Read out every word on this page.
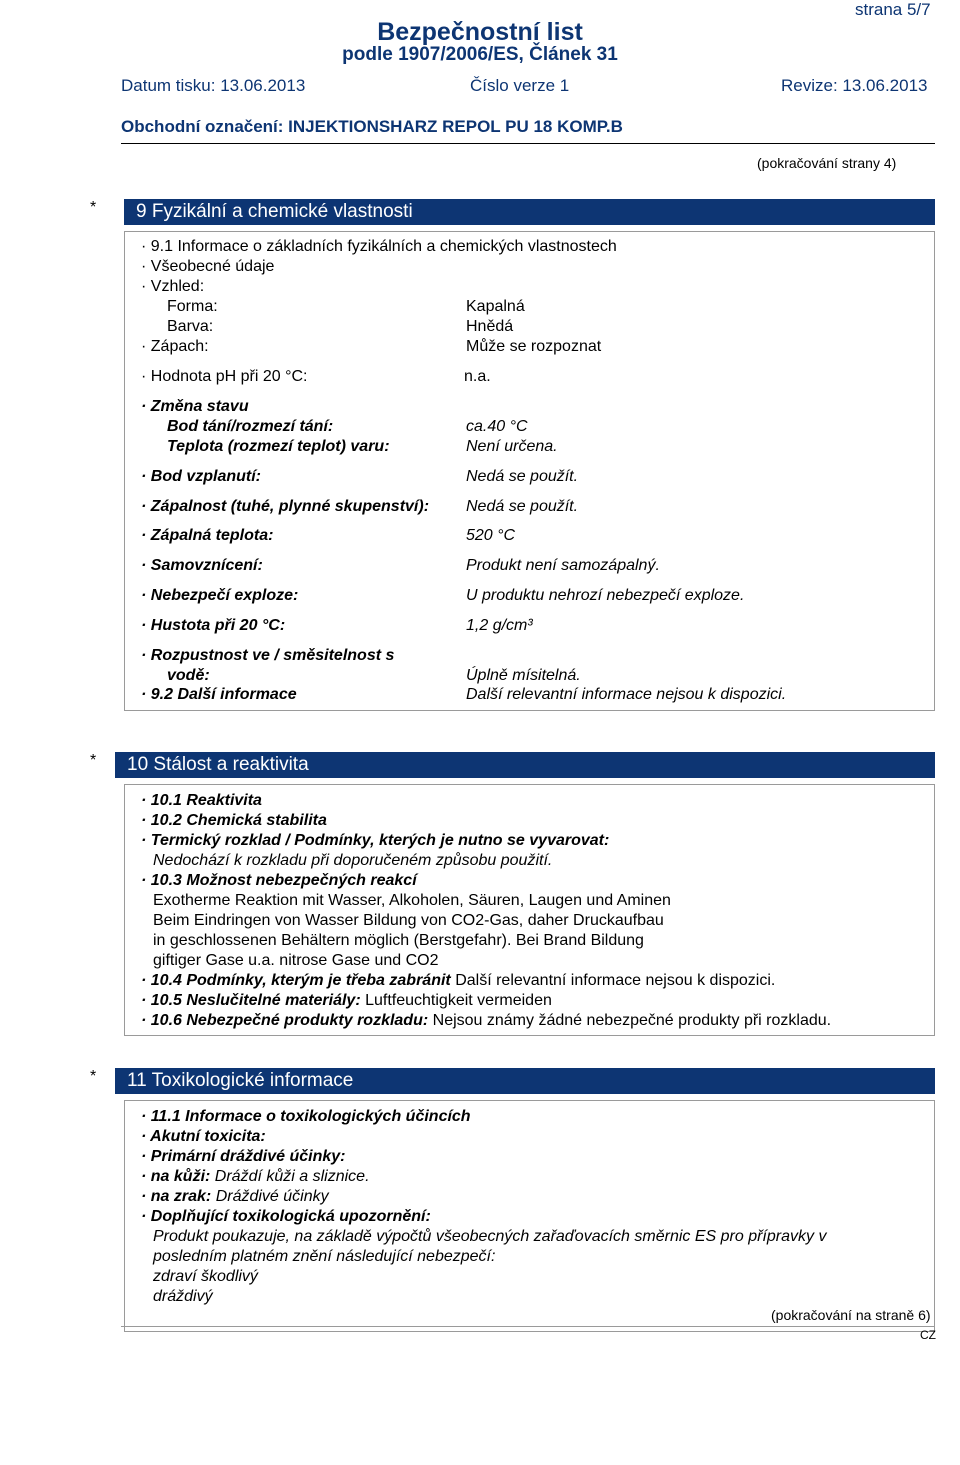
strana 5/7
Bezpečnostní list
podle 1907/2006/ES, Článek 31
Datum tisku: 13.06.2013	Číslo verze 1	Revize: 13.06.2013
Obchodní označení: INJEKTIONSHARZ REPOL PU 18 KOMP.B
(pokračování strany 4)
*	9 Fyzikální a chemické vlastnosti
· 9.1 Informace o základních fyzikálních a chemických vlastnostech
· Všeobecné údaje
· Vzhled:
Forma:	Kapalná
Barva:	Hnědá
· Zápach:	Může se rozpoznat
· Hodnota pH při 20 °C:	n.a.
· Změna stavu
Bod tání/rozmezí tání:	ca.40 °C
Teplota (rozmezí teplot) varu:	Není určena.
· Bod vzplanutí:	Nedá se použít.
· Zápalnost (tuhé, plynné skupenství): Nedá se použít.
· Zápalná teplota:	520 °C
· Samovznícení:	Produkt není samozápalný.
· Nebezpečí exploze:	U produktu nehrozí nebezpečí exploze.
· Hustota při 20 °C:	1,2 g/cm³
· Rozpustnost ve / směsitelnost s
vodě:	Úplně mísitelná.
· 9.2 Další informace	Další relevantní informace nejsou k dispozici.
*	10 Stálost a reaktivita
· 10.1 Reaktivita
· 10.2 Chemická stabilita
· Termický rozklad / Podmínky, kterých je nutno se vyvarovat:
Nedochází k rozkladu při doporučeném způsobu použití.
· 10.3 Možnost nebezpečných reakcí
Exotherme Reaktion mit Wasser, Alkoholen, Säuren, Laugen und Aminen
Beim Eindringen von Wasser Bildung von CO2-Gas, daher Druckaufbau
in geschlossenen Behältern möglich (Berstgefahr). Bei Brand Bildung
giftiger Gase u.a. nitrose Gase und CO2
· 10.4 Podmínky, kterým je třeba zabránit Další relevantní informace nejsou k dispozici.
· 10.5 Neslučitelné materiály: Luftfeuchtigkeit vermeiden
· 10.6 Nebezpečné produkty rozkladu: Nejsou známy žádné nebezpečné produkty při rozkladu.
*	11 Toxikologické informace
· 11.1 Informace o toxikologických účincích
· Akutní toxicita:
· Primární dráždivé účinky:
· na kůži: Dráždí kůži a sliznice.
· na zrak: Dráždivé účinky
· Doplňující toxikologická upozornění:
Produkt poukazuje, na základě výpočtů všeobecných zařaďovacích směrnic ES pro přípravky v
posledním platném znění následující nebezpečí:
zdraví škodlivý
dráždivý
(pokračování na straně 6)
CZ
